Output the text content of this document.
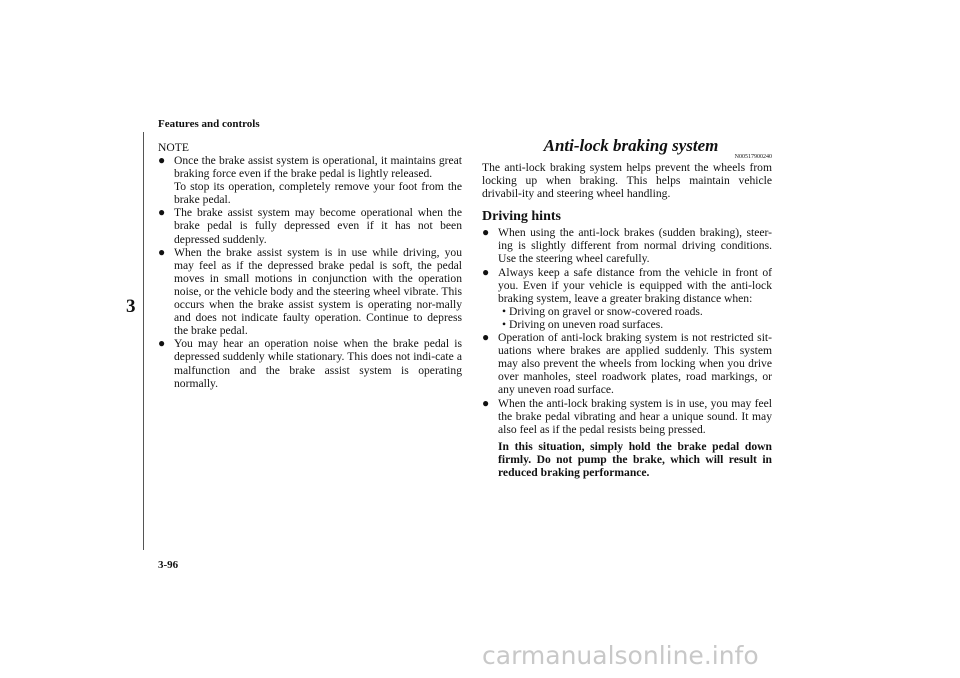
Features and controls
3
NOTE
● Once the brake assist system is operational, it maintains great braking force even if the brake pedal is lightly released.
To stop its operation, completely remove your foot from the brake pedal.
● The brake assist system may become operational when the brake pedal is fully depressed even if it has not been depressed suddenly.
● When the brake assist system is in use while driving, you may feel as if the depressed brake pedal is soft, the pedal moves in small motions in conjunction with the operation noise, or the vehicle body and the steering wheel vibrate. This occurs when the brake assist system is operating nor-mally and does not indicate faulty operation. Continue to depress the brake pedal.
● You may hear an operation noise when the brake pedal is depressed suddenly while stationary. This does not indi-cate a malfunction and the brake assist system is operating normally.
Anti-lock braking system
N00517900240
The anti-lock braking system helps prevent the wheels from locking up when braking. This helps maintain vehicle drivabil-ity and steering wheel handling.
Driving hints
● When using the anti-lock brakes (sudden braking), steer-ing is slightly different from normal driving conditions. Use the steering wheel carefully.
● Always keep a safe distance from the vehicle in front of you. Even if your vehicle is equipped with the anti-lock braking system, leave a greater braking distance when:
• Driving on gravel or snow-covered roads.
• Driving on uneven road surfaces.
● Operation of anti-lock braking system is not restricted sit-uations where brakes are applied suddenly. This system may also prevent the wheels from locking when you drive over manholes, steel roadwork plates, road markings, or any uneven road surface.
● When the anti-lock braking system is in use, you may feel the brake pedal vibrating and hear a unique sound. It may also feel as if the pedal resists being pressed.
In this situation, simply hold the brake pedal down firmly. Do not pump the brake, which will result in reduced braking performance.
3-96
carmanualsonline.info
